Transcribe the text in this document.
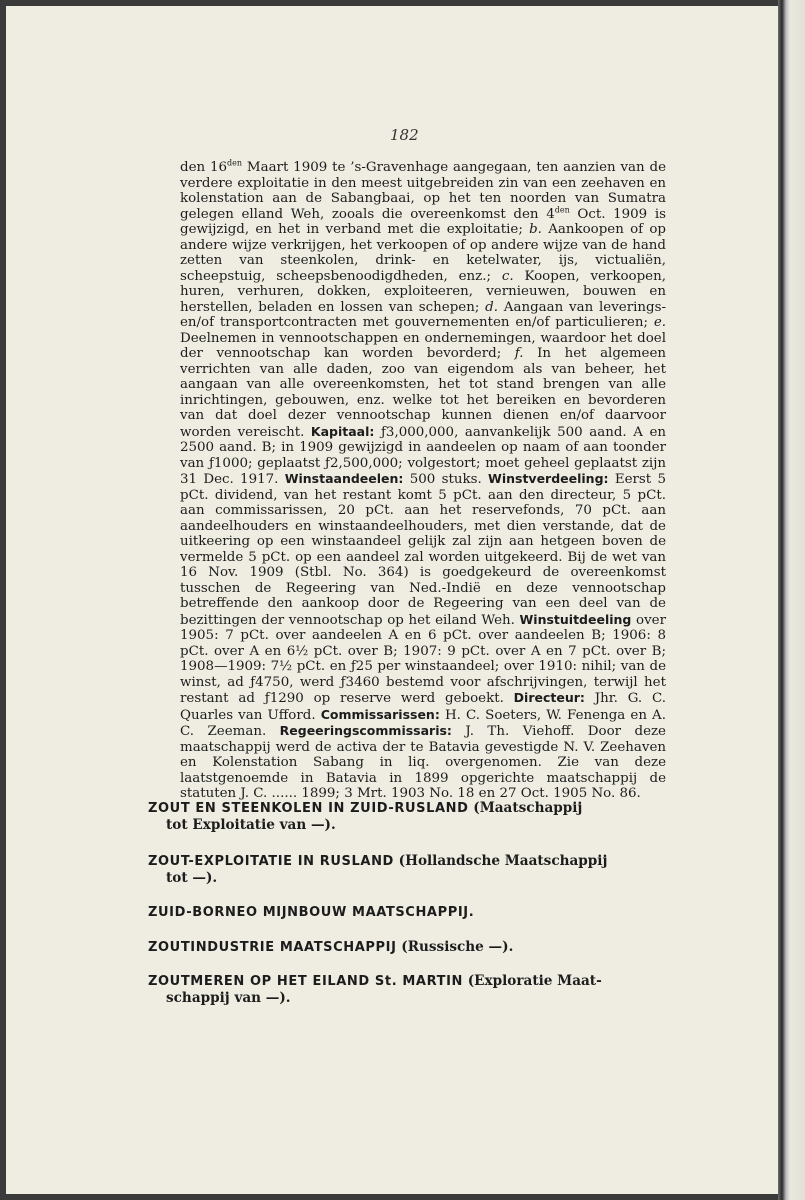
182

den $16^{den}$ Maart 1909 te ’s-Gravenhage aangegaan, ten aanzien van de verdere exploitatie in den meest uitgebreiden zin van een zeehaven en kolenstation aan de Sabangbaai, op het ten noorden van Sumatra gelegen elland Weh, zooals die overeenkomst den $4^{den}$ Oct. 1909 is gewijzigd, en het in verband met die exploitatie; b. Aankoopen of op andere wijze verkrijgen, het verkoopen of op andere wijze van de hand zetten van steenkolen, drink- en ketelwater, ijs, victualiën, scheepstuig, scheepsbenoodigdheden, enz.; c. Koopen, verkoopen, huren, verhuren, dokken, exploiteeren, vernieuwen, bouwen en herstellen, beladen en lossen van schepen; d. Aangaan van leverings- en/of transportcontracten met gouvernementen en/of particulieren; e. Deelnemen in vennootschappen en ondernemingen, waardoor het doel der vennootschap kan worden bevorderd; f. In het algemeen verrichten van alle daden, zoo van eigendom als van beheer, het aangaan van alle overeenkomsten, het tot stand brengen van alle inrichtingen, gebouwen, enz. welke tot het bereiken en bevorderen van dat doel dezer vennootschap kunnen dienen en/of daarvoor worden vereischt. Kapitaal: ƒ3,000,000, aanvankelijk 500 aand. A en 2500 aand. B; in 1909 gewijzigd in aandeelen op naam of aan toonder van ƒ1000; geplaatst ƒ2,500,000; volgestort; moet geheel geplaatst zijn 31 Dec. 1917. Winstaandeelen: 500 stuks. Winstverdeeling: Eerst 5 pCt. dividend, van het restant komt 5 pCt. aan den directeur, 5 pCt. aan commissarissen, 20 pCt. aan het reservefonds, 70 pCt. aan aandeelhouders en winstaandeelhouders, met dien verstande, dat de uitkeering op een winstaandeel gelijk zal zijn aan hetgeen boven de vermelde 5 pCt. op een aandeel zal worden uitgekeerd. Bij de wet van 16 Nov. 1909 (Stbl. No. 364) is goedgekeurd de overeenkomst tusschen de Regeering van Ned.-Indië en deze vennootschap betreffende den aankoop door de Regeering van een deel van de bezittingen der vennootschap op het eiland Weh. Winstuitdeeling over 1905: 7 pCt. over aandeelen A en 6 pCt. over aandeelen B; 1906: 8 pCt. over A en 6½ pCt. over B; 1907: 9 pCt. over A en 7 pCt. over B; 1908—1909: 7½ pCt. en ƒ25 per winstaandeel; over 1910: nihil; van de winst, ad ƒ4750, werd ƒ3460 bestemd voor afschrijvingen, terwijl het restant ad ƒ1290 op reserve werd geboekt. Directeur: Jhr. G. C. Quarles van Ufford. Commissarissen: H. C. Soeters, W. Fenenga en A. C. Zeeman. Regeeringscommissaris: J. Th. Viehoff. Door deze maatschappij werd de activa der te Batavia gevestigde N. V. Zeehaven en Kolenstation Sabang in liq. overgenomen. Zie van deze laatstgenoemde in Batavia in 1899 opgerichte maatschappij de statuten J. C. ...... 1899; 3 Mrt. 1903 No. 18 en 27 Oct. 1905 No. 86.

ZOUT EN STEENKOLEN IN ZUID-RUSLAND (Maatschappij
tot Exploitatie van —).
ZOUT-EXPLOITATIE IN RUSLAND (Hollandsche Maatschappij
tot —).
ZUID-BORNEO MIJNBOUW MAATSCHAPPIJ.
ZOUTINDUSTRIE MAATSCHAPPIJ (Russische —).
ZOUTMEREN OP HET EILAND St. MARTIN (Exploratie Maat-
schappij van —).
